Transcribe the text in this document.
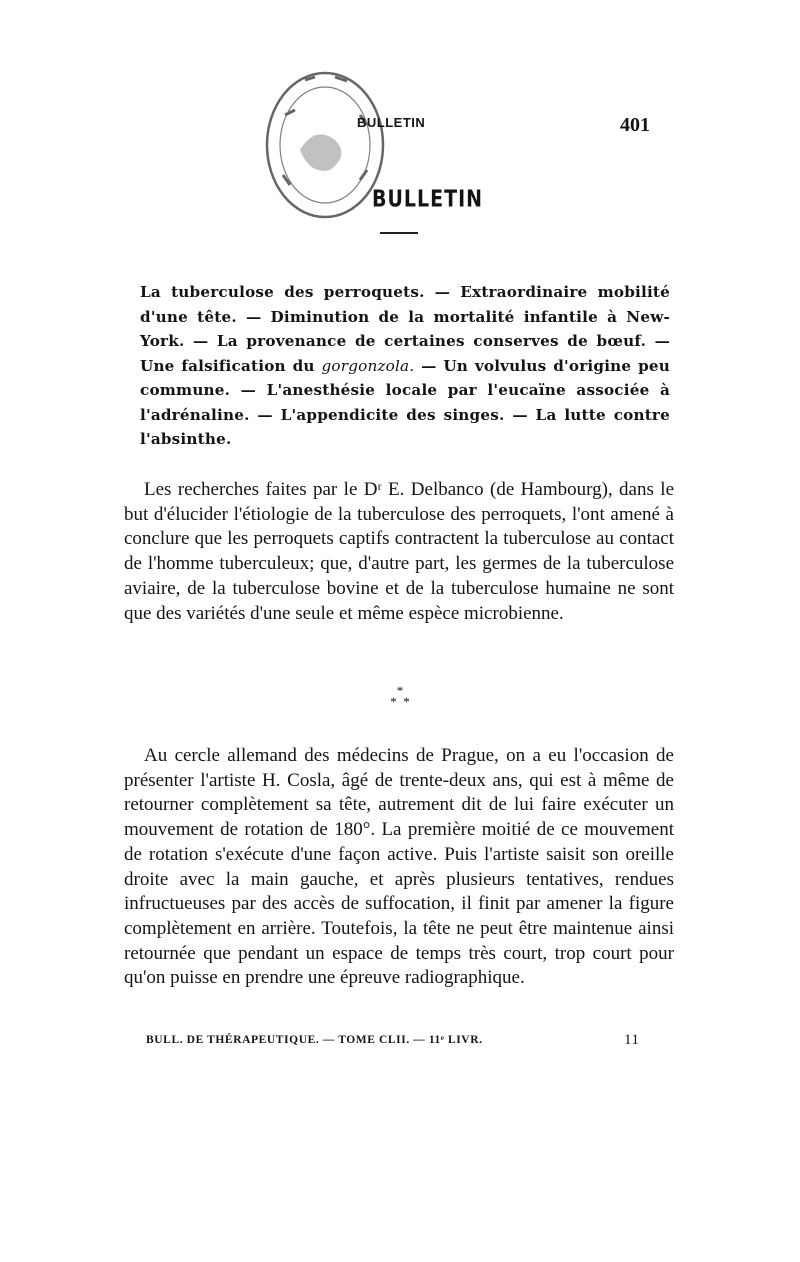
BULLETIN	401
BULLETIN

La tuberculose des perroquets. — Extraordinaire mobilité d'une tête. — Diminution de la mortalité infantile à New-York. — La provenance de certaines conserves de bœuf. — Une falsification du gorgonzola. — Un volvulus d'origine peu commune. — L'anesthésie locale par l'eucaïne associée à l'adrénaline. — L'appendicite des singes. — La lutte contre l'absinthe.

Les recherches faites par le Dʳ E. Delbanco (de Hambourg), dans le but d'élucider l'étiologie de la tuberculose des perroquets, l'ont amené à conclure que les perroquets captifs contractent la tuberculose au contact de l'homme tuberculeux; que, d'autre part, les germes de la tuberculose aviaire, de la tuberculose bovine et de la tuberculose humaine ne sont que des variétés d'une seule et même espèce microbienne.

*
*  *

Au cercle allemand des médecins de Prague, on a eu l'occasion de présenter l'artiste H. Cosla, âgé de trente-deux ans, qui est à même de retourner complètement sa tête, autrement dit de lui faire exécuter un mouvement de rotation de 180°. La première moitié de ce mouvement de rotation s'exécute d'une façon active. Puis l'artiste saisit son oreille droite avec la main gauche, et après plusieurs tentatives, rendues infructueuses par des accès de suffocation, il finit par amener la figure complètement en arrière. Toutefois, la tête ne peut être maintenue ainsi retournée que pendant un espace de temps très court, trop court pour qu'on puisse en prendre une épreuve radiographique.

BULL. DE THÉRAPEUTIQUE. — TOME CLII. — 11ᵉ LIVR.	11
